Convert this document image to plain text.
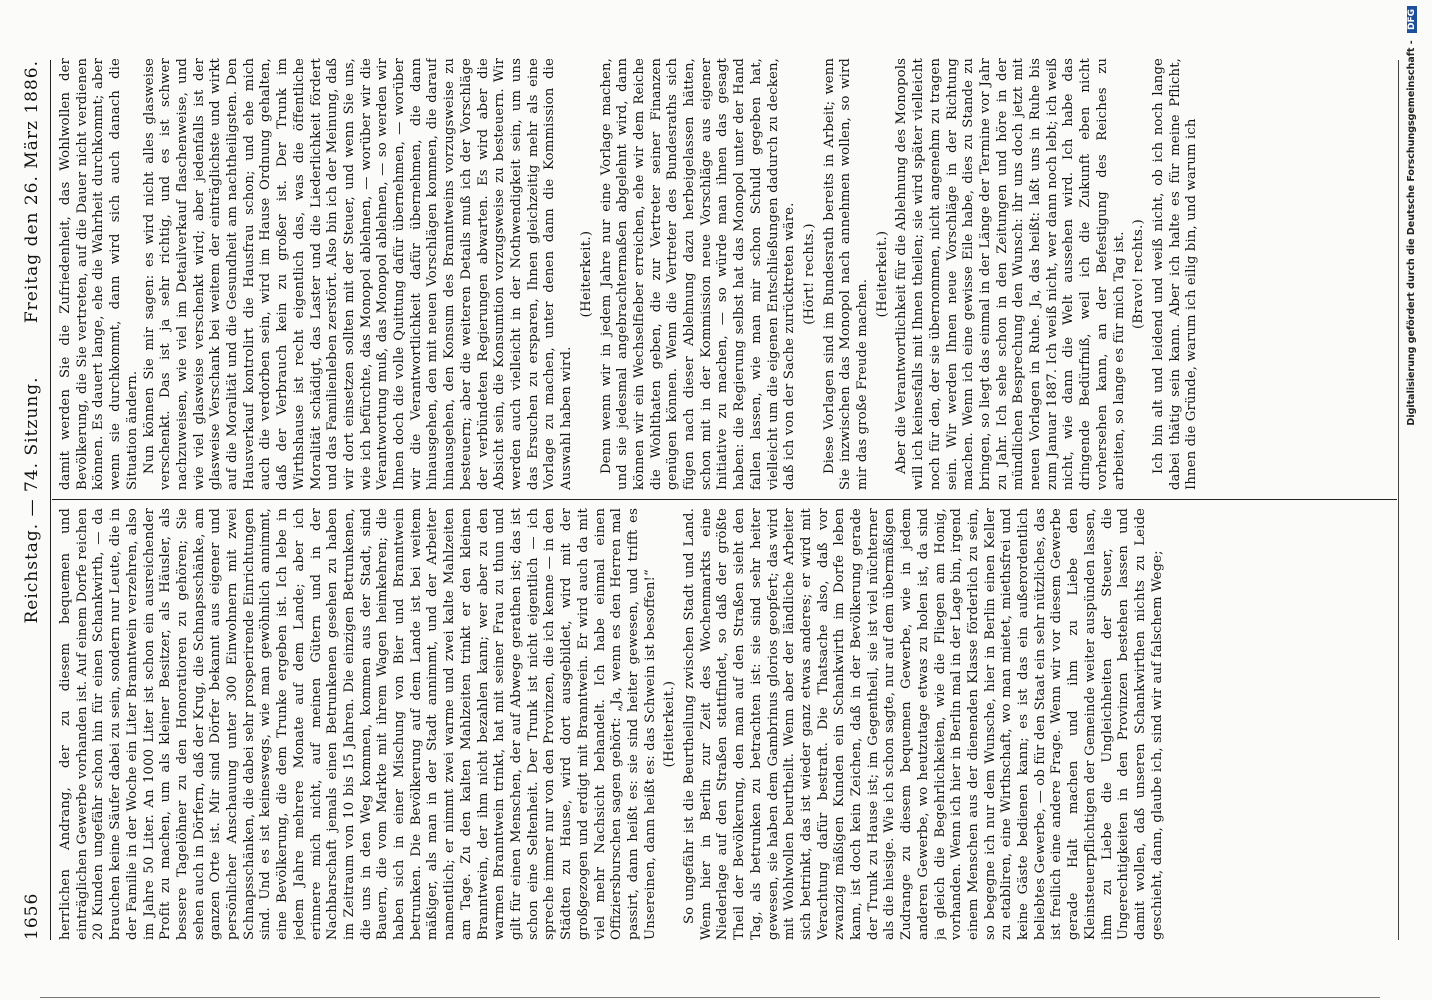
1656
Reichstag. — 74. Sitzung.
Freitag den 26. März 1886.

herrlichen Andrang, der zu diesem bequemen und einträglichen Gewerbe vorhanden ist. Auf einem Dorfe reichen 20 Kunden ungefähr schon hin für einen Schankwirth, — da brauchen keine Säufer dabei zu sein, sondern nur Leute, die in der Familie in der Woche ein Liter Branntwein verzehren, also im Jahre 50 Liter. An 1000 Liter ist schon ein ausreichender Profit zu machen, um als kleiner Besitzer, als Häusler, als bessere Tagelöhner zu den Honoratioren zu gehören; Sie sehen auch in Dörfern, daß der Krug, die Schnapsschänke, am ganzen Orte ist. Mir sind Dörfer bekannt aus eigener und persönlicher Anschauung unter 300 Einwohnern mit zwei Schnapsschänken, die dabei sehr prosperirende Einrichtungen sind. Und es ist keineswegs, wie man gewöhnlich annimmt, eine Bevölkerung, die dem Trunke ergeben ist. Ich lebe in jedem Jahre mehrere Monate auf dem Lande; aber ich erinnere mich nicht, auf meinen Gütern und in der Nachbarschaft jemals einen Betrunkenen gesehen zu haben im Zeitraum von 10 bis 15 Jahren. Die einzigen Betrunkenen, die uns in den Weg kommen, kommen aus der Stadt, sind Bauern, die vom Markte mit ihrem Wagen heimkehren; die haben sich in einer Mischung von Bier und Branntwein betrunken. Die Bevölkerung auf dem Lande ist bei weitem mäßiger, als man in der Stadt annimmt, und der Arbeiter namentlich; er nimmt zwei warme und zwei kalte Mahlzeiten am Tage. Zu den kalten Mahlzeiten trinkt er den kleinen Branntwein, der ihm nicht bezahlen kann; wer aber zu den warmen Branntwein trinkt, hat mit seiner Frau zu thun und gilt für einen Menschen, der auf Abwege gerathen ist; das ist schon eine Seltenheit. Der Trunk ist nicht eigentlich — ich spreche immer nur von den Provinzen, die ich kenne — in den Städten zu Hause, wird dort ausgebildet, wird mit der großgezogen und erdigt mit Branntwein. Er wird auch da mit viel mehr Nachsicht behandelt. Ich habe einmal einen Offiziersburschen sagen gehört: „Ja, wenn es den Herren mal passirt, dann heißt es: sie sind heiter gewesen, und trifft es Unsereinen, dann heißt es: das Schwein ist besoffen!“ (Heiterkeit.) So ungefähr ist die Beurtheilung zwischen Stadt und Land. Wenn hier in Berlin zur Zeit des Wochenmarkts eine Niederlage auf den Straßen stattfindet, so daß der größte Theil der Bevölkerung, den man auf den Straßen sieht den Tag, als betrunken zu betrachten ist: sie sind sehr heiter gewesen, sie haben dem Gambrinus glorios geopfert; das wird mit Wohlwollen beurtheilt. Wenn aber der ländliche Arbeiter sich betrinkt, das ist wieder ganz etwas anderes; er wird mit Verachtung dafür bestraft. Die Thatsache also, daß vor zwanzig mäßigen Kunden ein Schankwirth im Dorfe leben kann, ist doch kein Zeichen, daß in der Bevölkerung gerade der Trunk zu Hause ist; im Gegentheil, sie ist viel nüchterner als die hiesige. Wie ich schon sagte, nur auf dem übermäßigen Zudrange zu diesem bequemen Gewerbe, wie in jedem anderen Gewerbe, wo heutzutage etwas zu holen ist, da sind ja gleich die Begehrlichkeiten, wie die Fliegen am Honig, vorhanden. Wenn ich hier in Berlin mal in der Lage bin, irgend einem Menschen aus der dienenden Klasse förderlich zu sein, so begegne ich nur dem Wunsche, hier in Berlin einen Keller zu etabliren, eine Wirthschaft, wo man mietet, miethsfrei und keine Gäste bedienen kann; es ist das ein außerordentlich beliebtes Gewerbe, — ob für den Staat ein sehr nützliches, das ist freilich eine andere Frage. Wenn wir vor diesem Gewerbe gerade Halt machen und ihm zu Liebe den Kleinsteuerpflichtigen der Gemeinde weiter auspünden lassen, ihm zu Liebe die Ungleichheiten der Steuer, die Ungerechtigkeiten in den Provinzen bestehen lassen und damit wollen, daß unseren Schankwirthen nichts zu Leide geschieht, dann, glaube ich, sind wir auf falschem Wege;

damit werden Sie die Zufriedenheit, das Wohlwollen der Bevölkerung, die Sie vertreten, auf die Dauer nicht verdienen können. Es dauert lange, ehe die Wahrheit durchkommt; aber wenn sie durchkommt, dann wird sich auch danach die Situation ändern. Nun können Sie mir sagen: es wird nicht alles glasweise verschenkt. Das ist ja sehr richtig, und es ist schwer nachzuweisen, wie viel im Detailverkauf flaschenweise, und wie viel glasweise verschenkt wird; aber jedenfalls ist der glasweise Verschank bei weitem der einträglichste und wirkt auf die Moralität und die Gesundheit am nachtheiligsten. Den Hausverkauf kontrolirt die Hausfrau schon; und ehe mich auch die verdorben sein, wird im Hause Ordnung gehalten, daß der Verbrauch kein zu großer ist. Der Trunk im Wirthshause ist recht eigentlich das, was die öffentliche Moralität schädigt, das Laster und die Liederlichkeit fördert und das Familienleben zerstört. Also bin ich der Meinung, daß wir dort einsetzen sollten mit der Steuer, und wenn Sie uns, wie ich befürchte, das Monopol ablehnen, — worüber wir die Verantwortung muß, das Monopol ablehnen, — so werden wir Ihnen doch die volle Quittung dafür übernehmen, — worüber wir die Verantwortlichkeit dafür übernehmen, die dann hinausgehen, den mit neuen Vorschlägen kommen, die darauf hinausgehen, den Konsum des Branntweins vorzugsweise zu besteuern; aber die weiteren Details muß ich der Vorschläge der verbündeten Regierungen abwarten. Es wird aber die Absicht sein, die Konsumtion vorzugsweise zu besteuern. Wir werden auch vielleicht in der Nothwendigkeit sein, um uns das Ersuchen zu ersparen, Ihnen gleichzeitig mehr als eine Vorlage zu machen, unter denen dann die Kommission die Auswahl haben wird.

(Heiterkeit.) Denn wenn wir in jedem Jahre nur eine Vorlage machen, und sie jedesmal angebrachtermaßen abgelehnt wird, dann können wir ein Wechselfieber erreichen, ehe wir dem Reiche die Wohlthaten geben, die zur Vertreter seiner Finanzen genügen können. Wenn die Vertreter des Bundesraths sich fügen nach dieser Ablehnung dazu herbeigelassen hätten, schon mit in der Kommission neue Vorschläge aus eigener Initiative zu machen, — so würde man ihnen das gesagt haben: die Regierung selbst hat das Monopol unter der Hand fallen lassen, wie man mir schon Schuld gegeben hat, vielleicht um die eigenen Entschließungen dadurch zu decken, daß ich von der Sache zurücktreten wäre. (Hört! rechts.) Diese Vorlagen sind im Bundesrath bereits in Arbeit; wenn Sie inzwischen das Monopol nach annehmen wollen, so wird mir das große Freude machen.

(Heiterkeit.) Aber die Verantwortlichkeit für die Ablehnung des Monopols will ich keinesfalls mit Ihnen theilen; sie wird später vielleicht noch für den, der sie übernommen, nicht angenehm zu tragen sein. Wir werden Ihnen neue Vorschläge in der Richtung machen. Wenn ich eine gewisse Eile habe, dies zu Stande zu bringen, so liegt das einmal in der Länge der Termine vor Jahr zu Jahr. Ich sehe schon in den Zeitungen und höre in der mündlichen Besprechung den Wunsch: ihr uns doch jetzt mit neuen Vorlagen in Ruhe. Ja, das heißt: laßt uns in Ruhe bis zum Januar 1887. Ich weiß nicht, wer dann noch lebt; ich weiß nicht, wie dann die Welt aussehen wird. Ich habe das dringende Bedürfniß, weil ich die Zukunft eben nicht vorhersehen kann, an der Befestigung des Reiches zu arbeiten, so lange es für mich Tag ist. (Bravo! rechts.) Ich bin alt und leidend und weiß nicht, ob ich noch lange dabei thätig sein kann. Aber ich halte es für meine Pflicht, Ihnen die Gründe, warum ich eilig bin, und warum ich	Digitalisierung gefördert durch die Deutsche Forschungsgemeinschaft - DFG
